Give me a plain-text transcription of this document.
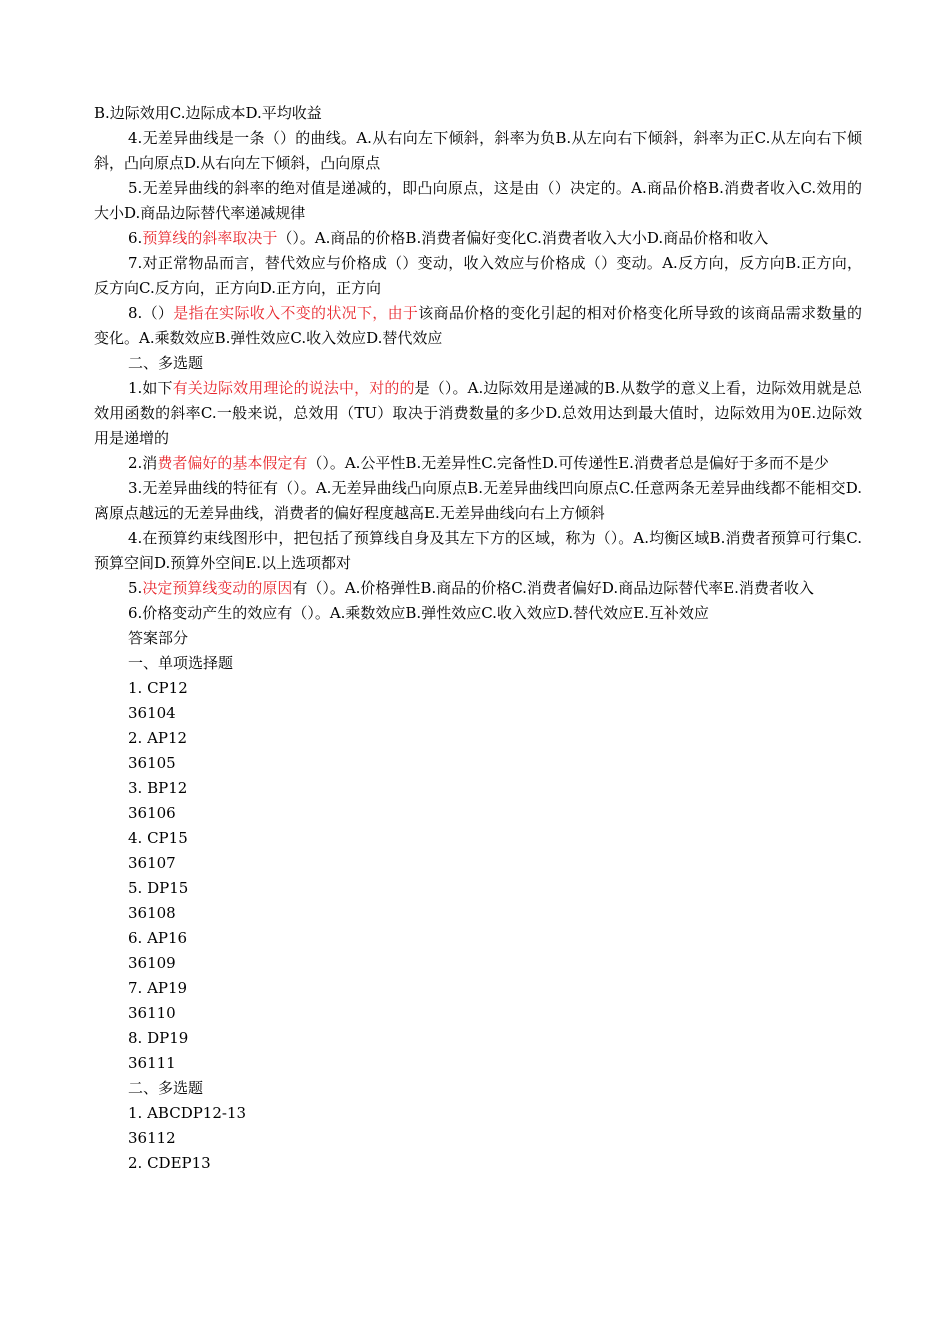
B.边际效用C.边际成本D.平均收益

4.无差异曲线是一条（）的曲线。A.从右向左下倾斜，斜率为负B.从左向右下倾斜，斜率为正C.从左向右下倾斜，凸向原点D.从右向左下倾斜，凸向原点

5.无差异曲线的斜率的绝对值是递减的，即凸向原点，这是由（）决定的。A.商品价格B.消费者收入C.效用的大小D.商品边际替代率递减规律

6.预算线的斜率取决于（）。A.商品的价格B.消费者偏好变化C.消费者收入大小D.商品价格和收入

7.对正常物品而言，替代效应与价格成（）变动，收入效应与价格成（）变动。A.反方向，反方向B.正方向，反方向C.反方向，正方向D.正方向，正方向

8.（）是指在实际收入不变的状况下，由于该商品价格的变化引起的相对价格变化所导致的该商品需求数量的变化。A.乘数效应B.弹性效应C.收入效应D.替代效应

二、多选题

1.如下有关边际效用理论的说法中，对的的是（）。A.边际效用是递减的B.从数学的意义上看，边际效用就是总效用函数的斜率C.一般来说，总效用（TU）取决于消费数量的多少D.总效用达到最大值时，边际效用为0E.边际效用是递增的

2.消费者偏好的基本假定有（）。A.公平性B.无差异性C.完备性D.可传递性E.消费者总是偏好于多而不是少

3.无差异曲线的特征有（）。A.无差异曲线凸向原点B.无差异曲线凹向原点C.任意两条无差异曲线都不能相交D.离原点越远的无差异曲线，消费者的偏好程度越高E.无差异曲线向右上方倾斜

4.在预算约束线图形中，把包括了预算线自身及其左下方的区域，称为（）。A.均衡区域B.消费者预算可行集C.预算空间D.预算外空间E.以上选项都对

5.决定预算线变动的原因有（）。A.价格弹性B.商品的价格C.消费者偏好D.商品边际替代率E.消费者收入

6.价格变动产生的效应有（）。A.乘数效应B.弹性效应C.收入效应D.替代效应E.互补效应

答案部分

一、单项选择题

1. CP12

36104

2. AP12

36105

3. BP12

36106

4. CP15

36107

5. DP15

36108

6. AP16

36109

7. AP19

36110

8. DP19

36111

二、多选题

1. ABCDP12-13

36112

2. CDEP13
